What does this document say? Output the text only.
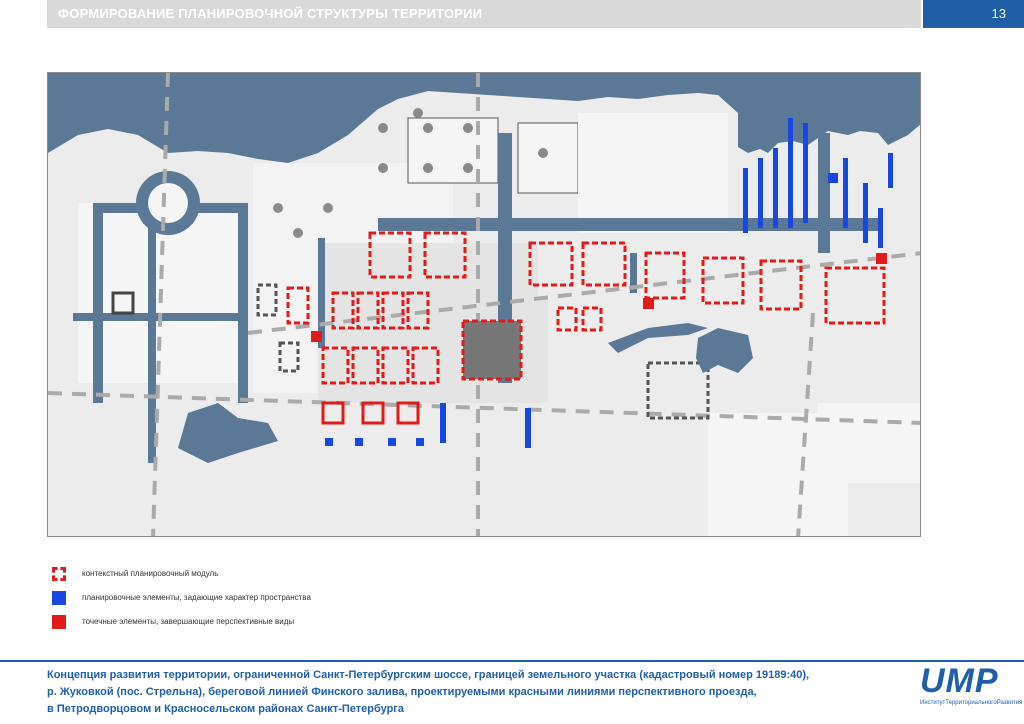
ФОРМИРОВАНИЕ ПЛАНИРОВОЧНОЙ СТРУКТУРЫ ТЕРРИТОРИИ	13
контекстный планировочный модуль
планировочные элементы, задающие характер пространства
точечные элементы, завершающие перспективные виды
Концепция развития территории, ограниченной Санкт-Петербургским шоссе, границей земельного участка (кадастровый номер 19189:40),
р. Жуковкой (пос. Стрельна), береговой линией Финского залива, проектируемыми красными линиями перспективного проезда,
в Петродворцовом и Красносельском районах Санкт-Петербурга
UMP
ИнститутТерриториальногоРазвития
